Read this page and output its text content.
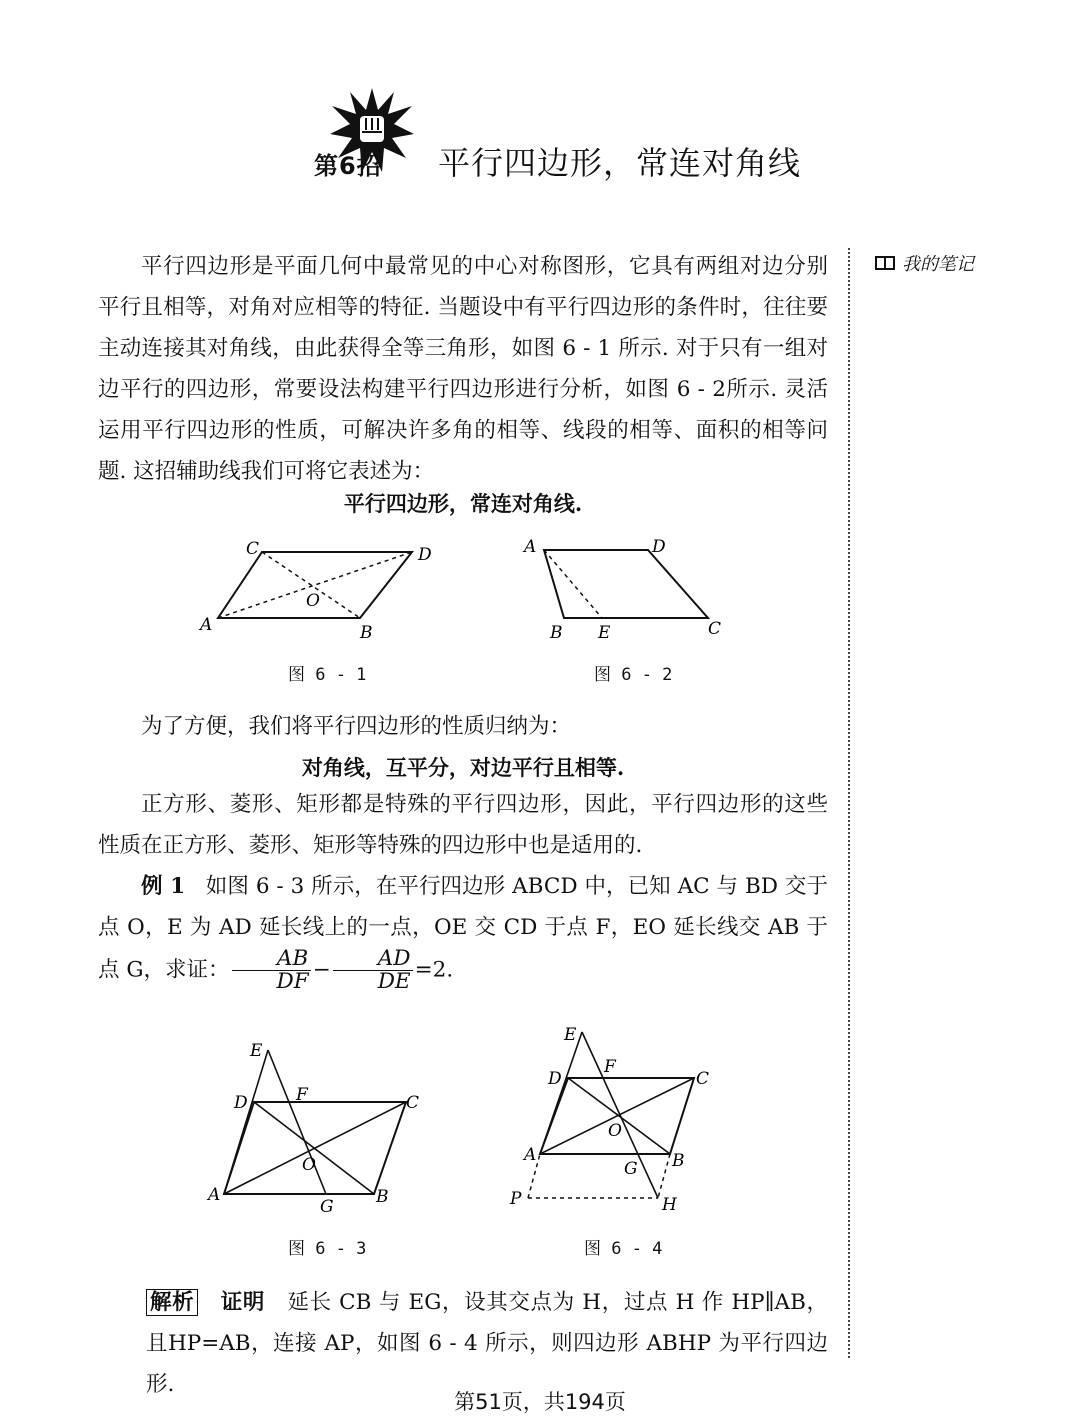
第6招 平行四边形，常连对角线
我的笔记
平行四边形是平面几何中最常见的中心对称图形，它具有两组对边分别平行且相等，对角对应相等的特征. 当题设中有平行四边形的条件时，往往要主动连接其对角线，由此获得全等三角形，如图 6 - 1 所示. 对于只有一组对边平行的四边形，常要设法构建平行四边形进行分析，如图 6 - 2所示. 灵活运用平行四边形的性质，可解决许多角的相等、线段的相等、面积的相等问题. 这招辅助线我们可将它表述为：
平行四边形，常连对角线.
C	D
O
A	B
图 6 - 1
A	D
B E	C
图 6 - 2
为了方便，我们将平行四边形的性质归纳为：
对角线，互平分，对边平行且相等.
正方形、菱形、矩形都是特殊的平行四边形，因此，平行四边形的这些性质在正方形、菱形、矩形等特殊的四边形中也是适用的.
例 1 如图 6 - 3 所示，在平行四边形 ABCD 中，已知 AC 与 BD 交于点 O，E 为 AD 延长线上的一点，OE 交 CD 于点 F，EO 延长线交 AB 于点 G，求证： $\frac{AB}{DF} - \frac{AD}{DE} =2$.
E
D	F	C
O
A
G B
图 6 - 3
E
D
F
C
O
A
G B
P	H
图 6 - 4
解析 证明 延长 CB 与 EG，设其交点为 H，过点 H 作 HP∥AB，且HP=AB，连接 AP，如图 6 - 4 所示，则四边形 ABHP 为平行四边形.
第51页，共194页
